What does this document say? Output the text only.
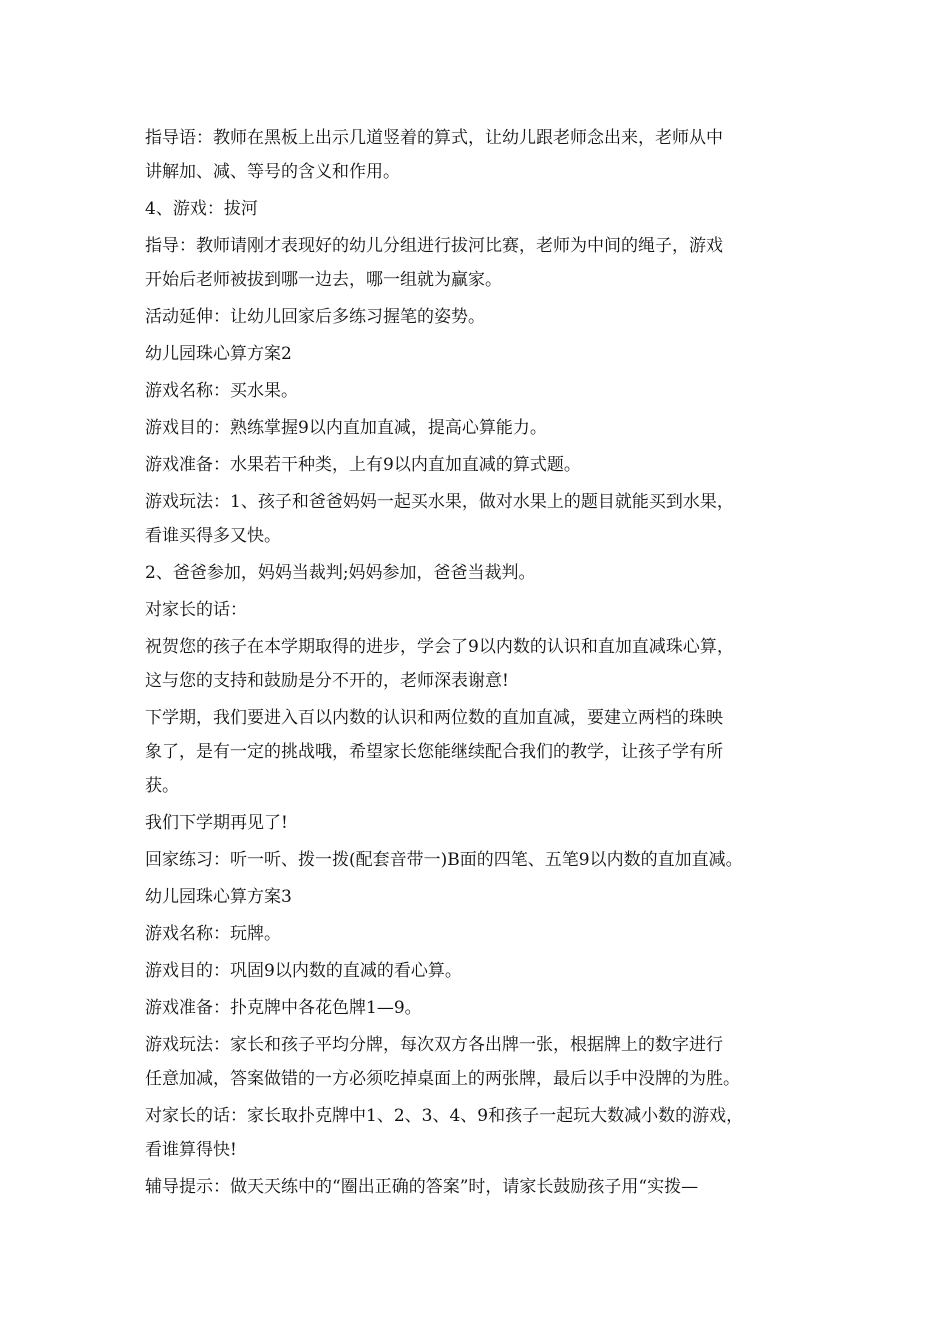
指导语：教师在黑板上出示几道竖着的算式，让幼儿跟老师念出来，老师从中

讲解加、减、等号的含义和作用。

4、游戏：拔河

指导：教师请刚才表现好的幼儿分组进行拔河比赛，老师为中间的绳子，游戏

开始后老师被拔到哪一边去，哪一组就为赢家。

活动延伸：让幼儿回家后多练习握笔的姿势。

幼儿园珠心算方案2

游戏名称：买水果。

游戏目的：熟练掌握9以内直加直减，提高心算能力。

游戏准备：水果若干种类，上有9以内直加直减的算式题。

游戏玩法：1、孩子和爸爸妈妈一起买水果，做对水果上的题目就能买到水果，

看谁买得多又快。

2、爸爸参加，妈妈当裁判;妈妈参加，爸爸当裁判。

对家长的话：

祝贺您的孩子在本学期取得的进步，学会了9以内数的认识和直加直减珠心算，

这与您的支持和鼓励是分不开的，老师深表谢意!

下学期，我们要进入百以内数的认识和两位数的直加直减，要建立两档的珠映

象了，是有一定的挑战哦，希望家长您能继续配合我们的教学，让孩子学有所

获。

我们下学期再见了!

回家练习：听一听、拨一拨(配套音带一)B面的四笔、五笔9以内数的直加直减。

幼儿园珠心算方案3

游戏名称：玩牌。

游戏目的：巩固9以内数的直减的看心算。

游戏准备：扑克牌中各花色牌1—9。

游戏玩法：家长和孩子平均分牌，每次双方各出牌一张，根据牌上的数字进行

任意加减，答案做错的一方必须吃掉桌面上的两张牌，最后以手中没牌的为胜。

对家长的话：家长取扑克牌中1、2、3、4、9和孩子一起玩大数减小数的游戏，

看谁算得快!

辅导提示：做天天练中的“圈出正确的答案”时，请家长鼓励孩子用“实拨—
